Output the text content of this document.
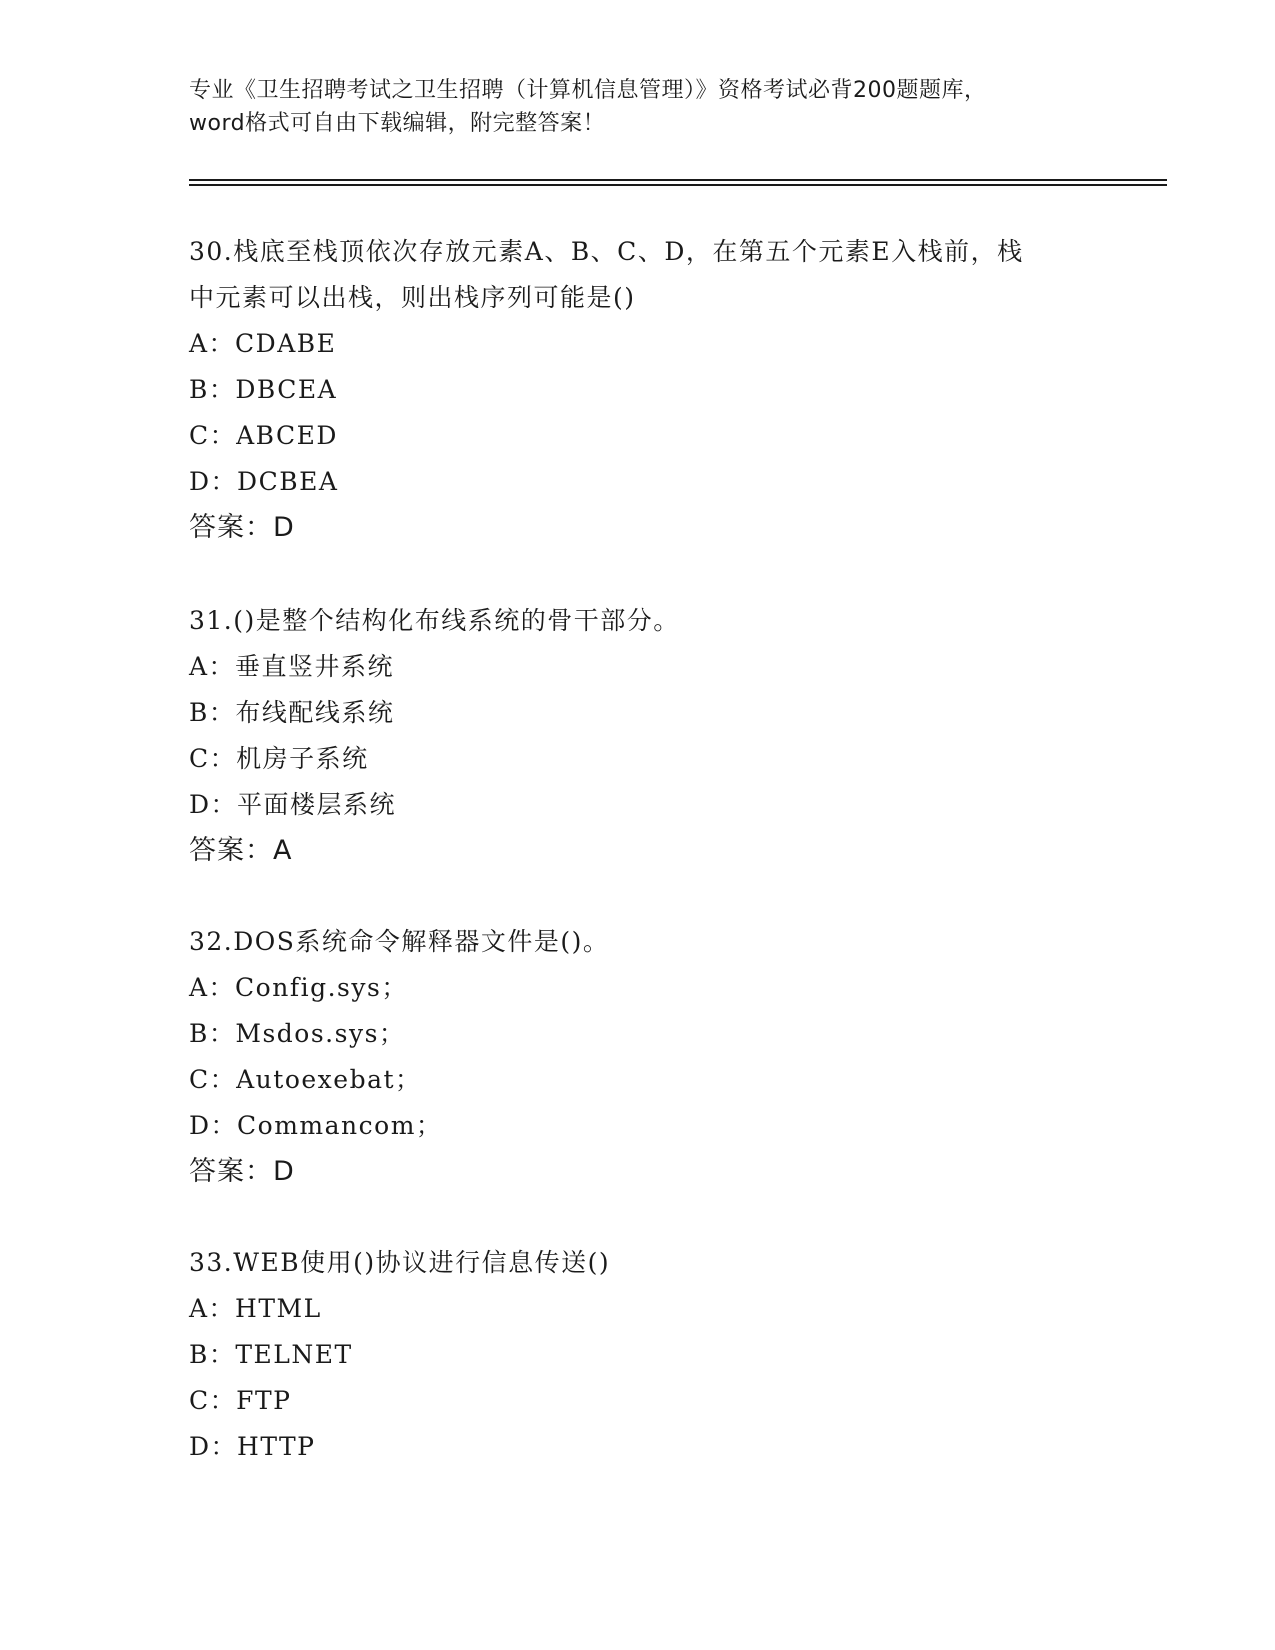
专业《卫生招聘考试之卫生招聘（计算机信息管理）》资格考试必背200题题库，
word格式可自由下载编辑，附完整答案！
30.栈底至栈顶依次存放元素A、B、C、D，在第五个元素E入栈前，栈
中元素可以出栈，则出栈序列可能是()
A：CDABE
B：DBCEA
C：ABCED
D：DCBEA
答案：D
31.()是整个结构化布线系统的骨干部分。
A：垂直竖井系统
B：布线配线系统
C：机房子系统
D：平面楼层系统
答案：A
32.DOS系统命令解释器文件是()。
A：Config.sys；
B：Msdos.sys；
C：Autoexebat；
D：Commancom；
答案：D
33.WEB使用()协议进行信息传送()
A：HTML
B：TELNET
C：FTP
D：HTTP
